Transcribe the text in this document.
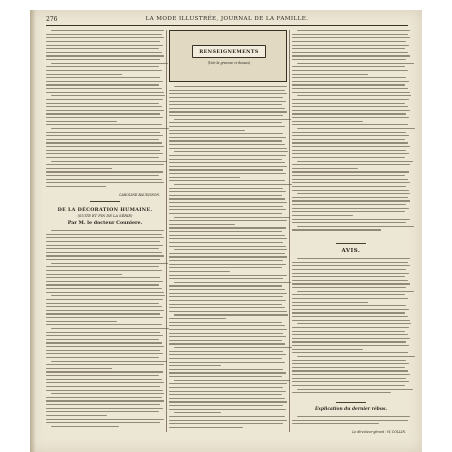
276	LA MODE ILLUSTRÉE, JOURNAL DE LA FAMILLE.
CAROLINE BAUDISSON.
DE LA DÉCORATION HUMAINE.
(SUITE ET FIN DE LA SÉRIE)
Par M. le docteur Couniere.
RENSEIGNEMENTS
(Voir la gravure ci-dessus)
AVIS.
Explication du dernier rébus.
Le directeur-gérant : W. COLLIN.
